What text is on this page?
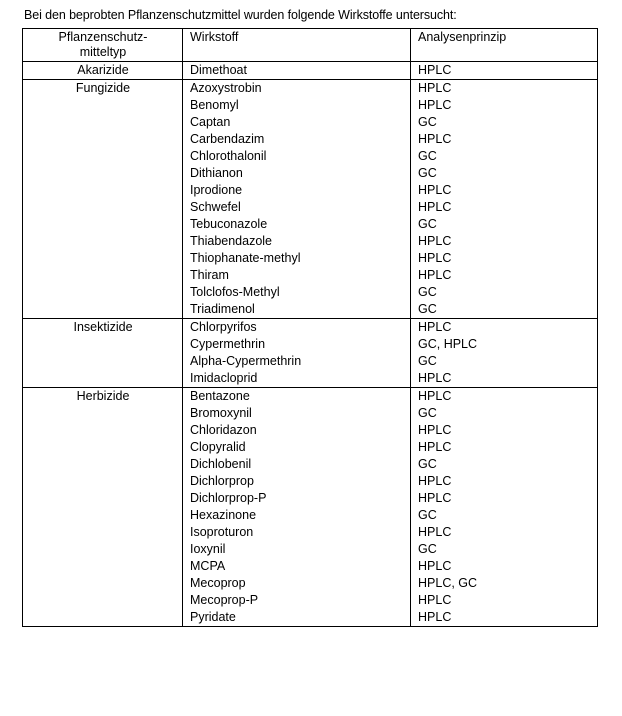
Bei den beprobten Pflanzenschutzmittel wurden folgende Wirkstoffe untersucht:

Pflanzenschutz-
mitteltyp	Wirkstoff	Analysenprinzip

Akarizide	Dimethoat	HPLC

Fungizide	Azoxystrobin	HPLC
	Benomyl	HPLC
	Captan	GC
	Carbendazim	HPLC
	Chlorothalonil	GC
	Dithianon	GC
	Iprodione	HPLC
	Schwefel	HPLC
	Tebuconazole	GC
	Thiabendazole	HPLC
	Thiophanate-methyl	HPLC
	Thiram	HPLC
	Tolclofos-Methyl	GC
	Triadimenol	GC

Insektizide	Chlorpyrifos	HPLC
	Cypermethrin	GC, HPLC
	Alpha-Cypermethrin	GC
	Imidacloprid	HPLC

Herbizide	Bentazone	HPLC
	Bromoxynil	GC
	Chloridazon	HPLC
	Clopyralid	HPLC
	Dichlobenil	GC
	Dichlorprop	HPLC
	Dichlorprop-P	HPLC
	Hexazinone	GC
	Isoproturon	HPLC
	Ioxynil	GC
	MCPA	HPLC
	Mecoprop	HPLC, GC
	Mecoprop-P	HPLC
	Pyridate	HPLC
